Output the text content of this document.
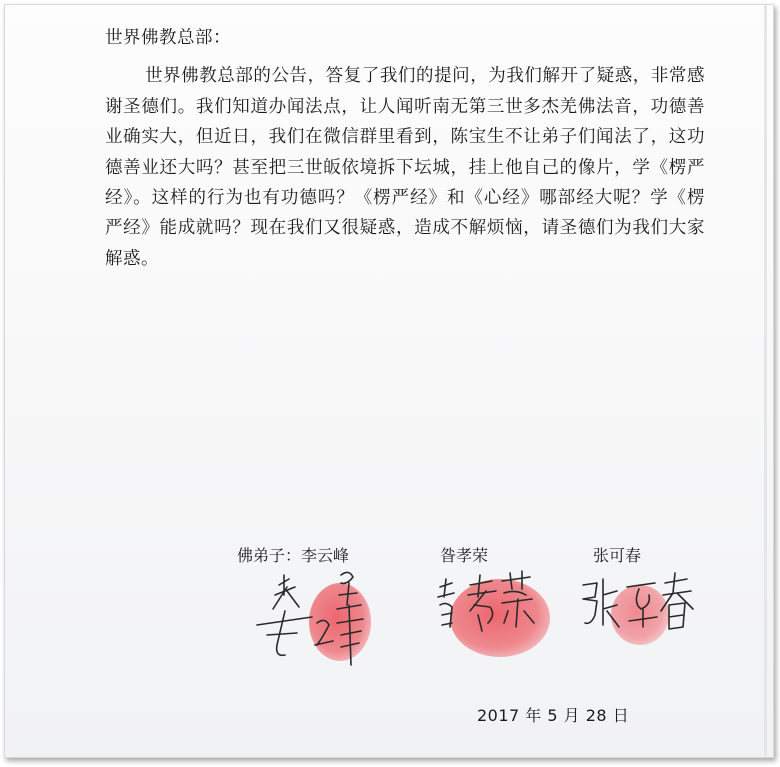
世界佛教总部：

世界佛教总部的公告，答复了我们的提问，为我们解开了疑惑，非常感谢圣德们。我们知道办闻法点，让人闻听南无第三世多杰羌佛法音，功德善业确实大，但近日，我们在微信群里看到，陈宝生不让弟子们闻法了，这功德善业还大吗？甚至把三世皈依境拆下坛城，挂上他自己的像片，学《楞严经》。这样的行为也有功德吗？《楞严经》和《心经》哪部经大呢？学《楞严经》能成就吗？现在我们又很疑惑，造成不解烦恼，请圣德们为我们大家解惑。

佛弟子：李云峰	昝孝荣	张可春
2017 年 5 月 28 日
